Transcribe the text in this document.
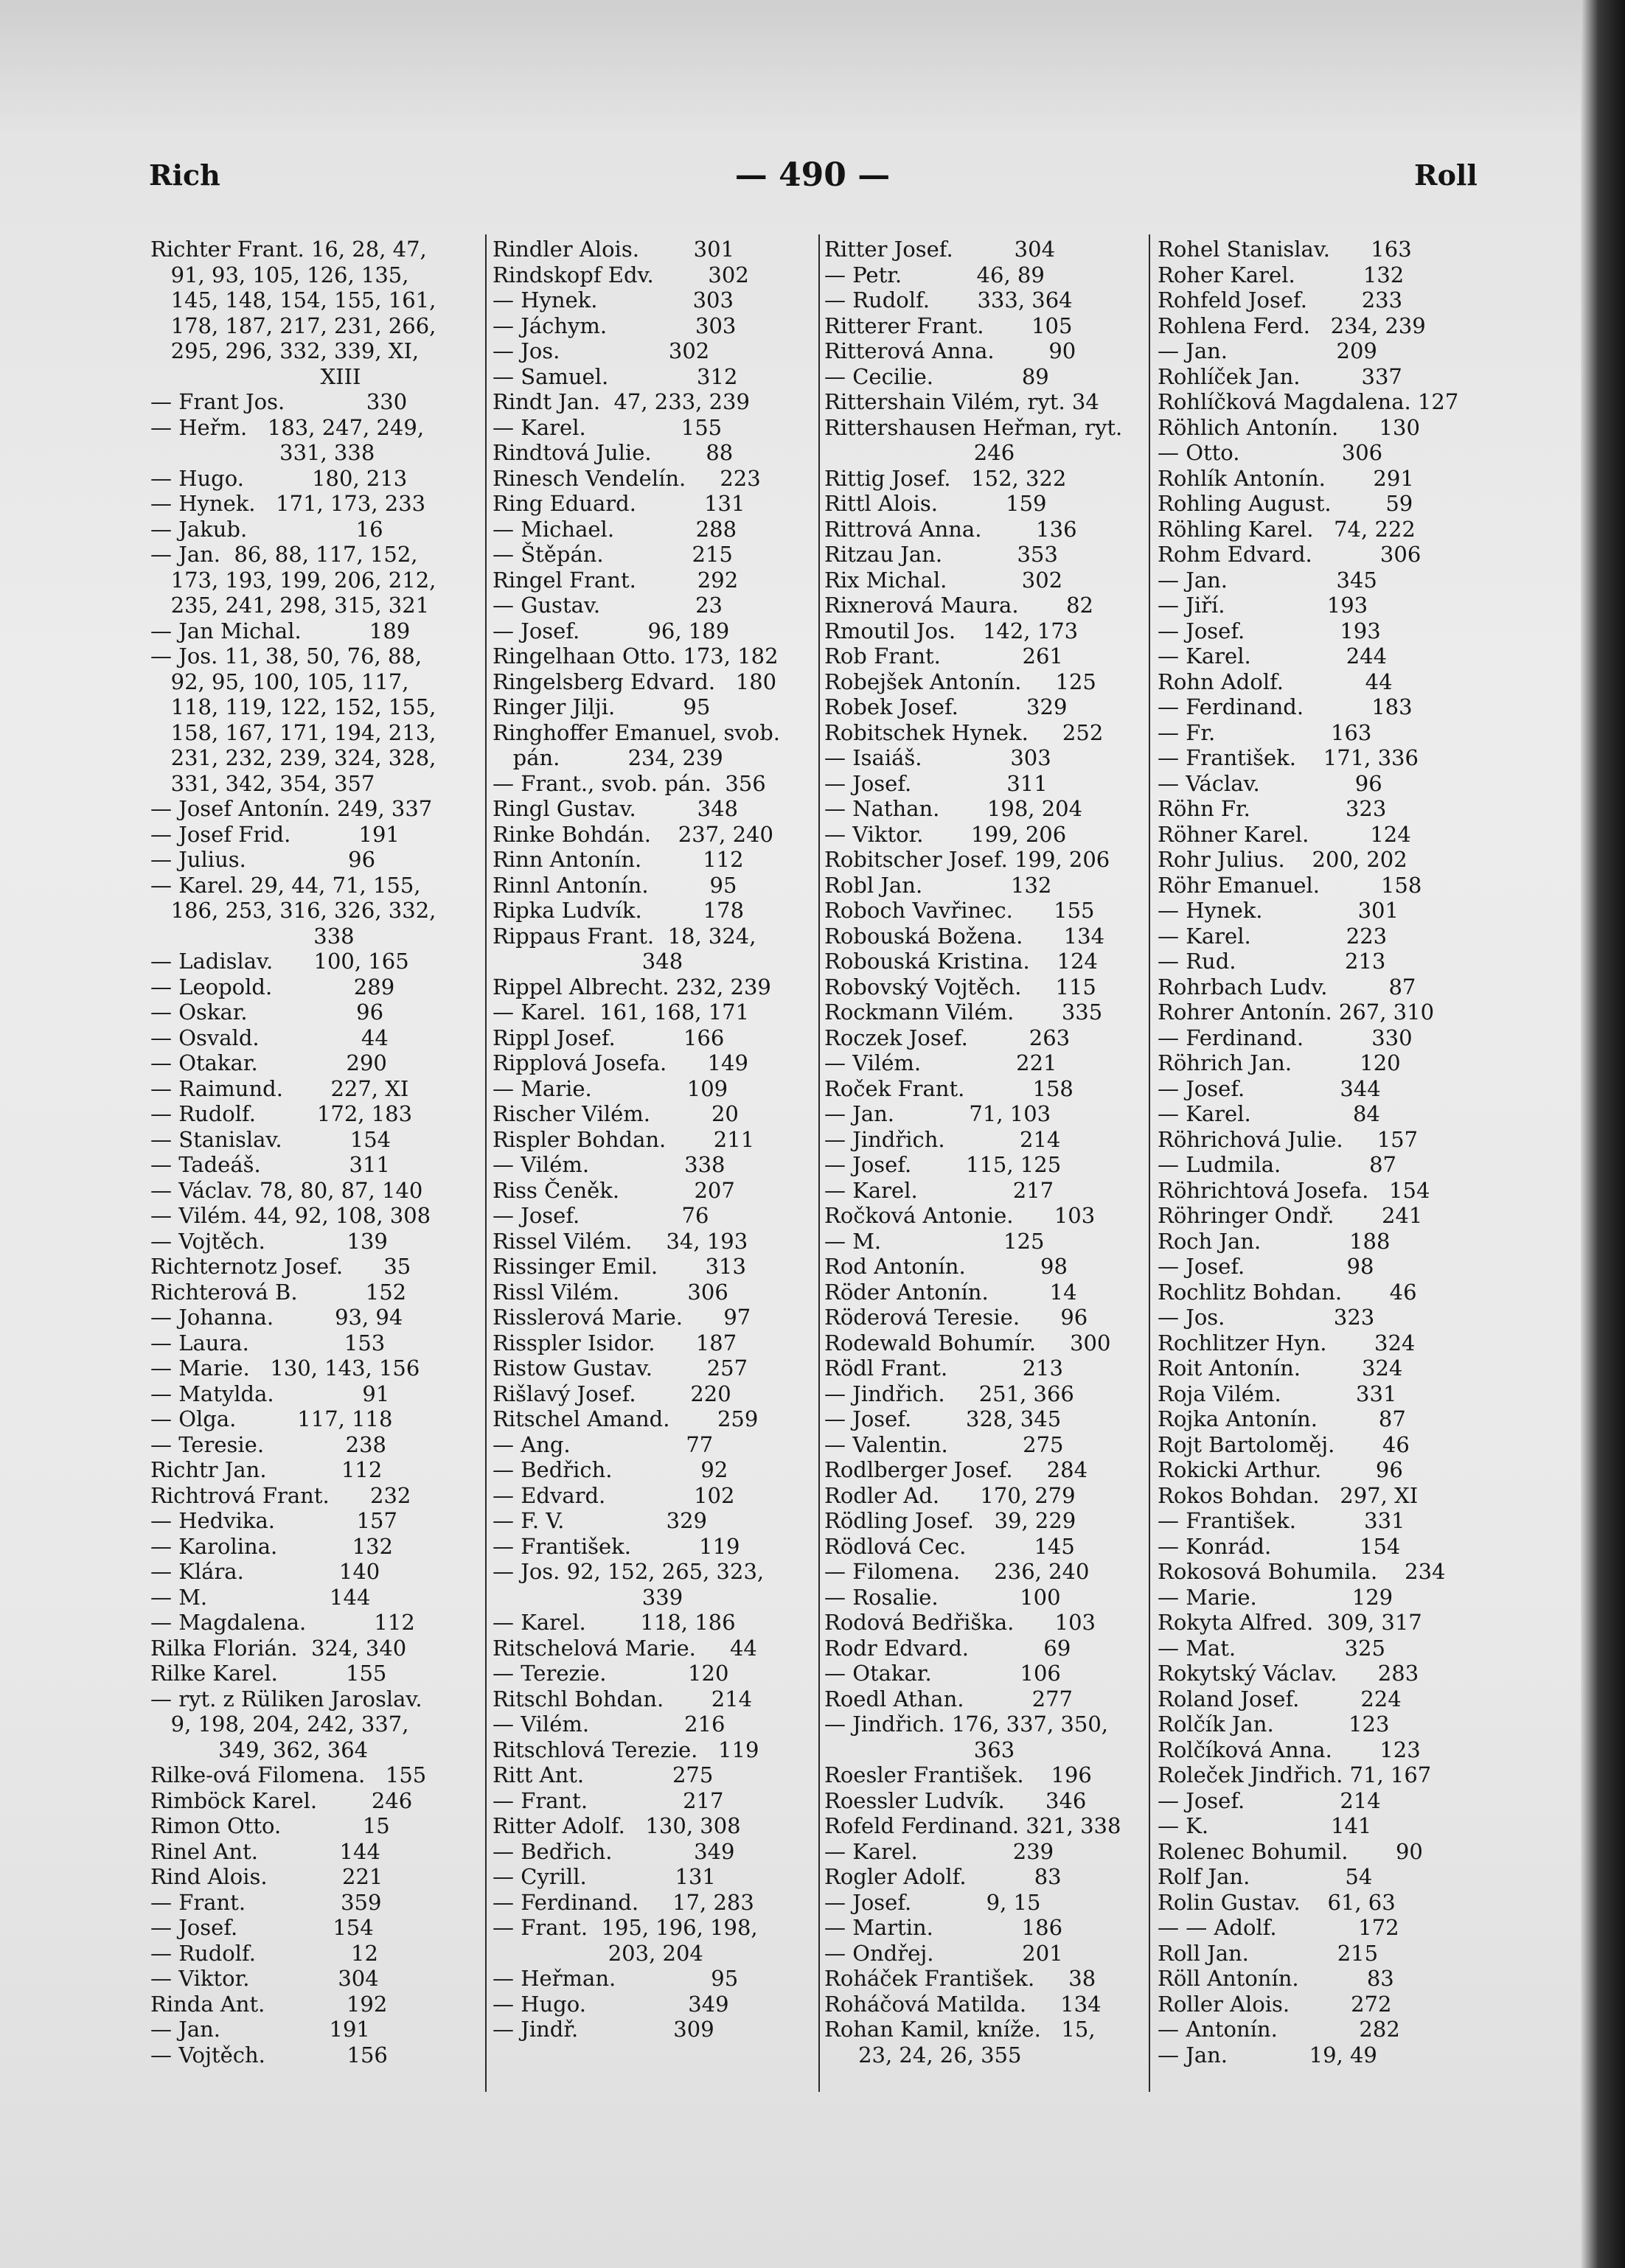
Rich	— 490 —	Roll
Richter Frant. 16, 28, 47,
91, 93, 105, 126, 135,
145, 148, 154, 155, 161,
178, 187, 217, 231, 266,
295, 296, 332, 339, XI,
XIII
— Frant Jos.            330
— Heřm.   183, 247, 249,
331, 338
— Hugo.          180, 213
— Hynek.   171, 173, 233
— Jakub.                16
— Jan.  86, 88, 117, 152,
173, 193, 199, 206, 212,
235, 241, 298, 315, 321
— Jan Michal.          189
— Jos. 11, 38, 50, 76, 88,
92, 95, 100, 105, 117,
118, 119, 122, 152, 155,
158, 167, 171, 194, 213,
231, 232, 239, 324, 328,
331, 342, 354, 357
— Josef Antonín. 249, 337
— Josef Frid.          191
— Julius.               96
— Karel. 29, 44, 71, 155,
186, 253, 316, 326, 332,
338
— Ladislav.      100, 165
— Leopold.            289
— Oskar.                96
— Osvald.               44
— Otakar.             290
— Raimund.       227, XI
— Rudolf.         172, 183
— Stanislav.          154
— Tadeáš.             311
— Václav. 78, 80, 87, 140
— Vilém. 44, 92, 108, 308
— Vojtěch.            139
Richternotz Josef.      35
Richterová B.          152
— Johanna.         93, 94
— Laura.              153
— Marie.   130, 143, 156
— Matylda.             91
— Olga.         117, 118
— Teresie.            238
Richtr Jan.           112
Richtrová Frant.      232
— Hedvika.            157
— Karolina.           132
— Klára.              140
— M.                  144
— Magdalena.          112
Rilka Florián.  324, 340
Rilke Karel.          155
— ryt. z Rüliken Jaroslav.
9, 198, 204, 242, 337,
349, 362, 364
Rilke-ová Filomena.   155
Rimböck Karel.        246
Rimon Otto.            15
Rinel Ant.            144
Rind Alois.           221
— Frant.              359
— Josef.              154
— Rudolf.              12
— Viktor.             304
Rinda Ant.            192
— Jan.                191
— Vojtěch.            156
Rindler Alois.        301
Rindskopf Edv.        302
— Hynek.              303
— Jáchym.             303
— Jos.                302
— Samuel.             312
Rindt Jan.  47, 233, 239
— Karel.              155
Rindtová Julie.        88
Rinesch Vendelín.     223
Ring Eduard.          131
— Michael.            288
— Štěpán.             215
Ringel Frant.         292
— Gustav.              23
— Josef.          96, 189
Ringelhaan Otto. 173, 182
Ringelsberg Edvard.   180
Ringer Jilji.          95
Ringhoffer Emanuel, svob.
pán.          234, 239
— Frant., svob. pán.  356
Ringl Gustav.         348
Rinke Bohdán.    237, 240
Rinn Antonín.         112
Rinnl Antonín.         95
Ripka Ludvík.         178
Rippaus Frant.  18, 324,
348
Rippel Albrecht. 232, 239
— Karel.  161, 168, 171
Rippl Josef.          166
Ripplová Josefa.      149
— Marie.              109
Rischer Vilém.         20
Rispler Bohdan.       211
— Vilém.              338
Riss Čeněk.           207
— Josef.               76
Rissel Vilém.     34, 193
Rissinger Emil.       313
Rissl Vilém.          306
Risslerová Marie.      97
Risspler Isidor.      187
Ristow Gustav.        257
Rišlavý Josef.        220
Ritschel Amand.       259
— Ang.                 77
— Bedřich.             92
— Edvard.             102
— F. V.               329
— František.          119
— Jos. 92, 152, 265, 323,
339
— Karel.        118, 186
Ritschelová Marie.     44
— Terezie.            120
Ritschl Bohdan.       214
— Vilém.              216
Ritschlová Terezie.   119
Ritt Ant.             275
— Frant.              217
Ritter Adolf.   130, 308
— Bedřich.            349
— Cyrill.             131
— Ferdinand.     17, 283
— Frant.  195, 196, 198,
203, 204
— Heřman.              95
— Hugo.               349
— Jindř.              309
Ritter Josef.         304
— Petr.           46, 89
— Rudolf.       333, 364
Ritterer Frant.       105
Ritterová Anna.        90
— Cecilie.             89
Rittershain Vilém, ryt. 34
Rittershausen Heřman, ryt.
246
Rittig Josef.   152, 322
Rittl Alois.          159
Rittrová Anna.        136
Ritzau Jan.           353
Rix Michal.           302
Rixnerová Maura.       82
Rmoutil Jos.    142, 173
Rob Frant.            261
Robejšek Antonín.     125
Robek Josef.          329
Robitschek Hynek.     252
— Isaiáš.             303
— Josef.              311
— Nathan.       198, 204
— Viktor.       199, 206
Robitscher Josef. 199, 206
Robl Jan.             132
Roboch Vavřinec.      155
Robouská Božena.      134
Robouská Kristina.    124
Robovský Vojtěch.     115
Rockmann Vilém.       335
Roczek Josef.         263
— Vilém.              221
Roček Frant.          158
— Jan.           71, 103
— Jindřich.           214
— Josef.        115, 125
— Karel.              217
Ročková Antonie.      103
— M.                  125
Rod Antonín.           98
Röder Antonín.         14
Röderová Teresie.      96
Rodewald Bohumír.     300
Rödl Frant.           213
— Jindřich.     251, 366
— Josef.        328, 345
— Valentin.           275
Rodlberger Josef.     284
Rodler Ad.      170, 279
Rödling Josef.   39, 229
Rödlová Cec.          145
— Filomena.     236, 240
— Rosalie.            100
Rodová Bedřiška.      103
Rodr Edvard.           69
— Otakar.             106
Roedl Athan.          277
— Jindřich. 176, 337, 350,
363
Roesler František.    196
Roessler Ludvík.      346
Rofeld Ferdinand. 321, 338
— Karel.              239
Rogler Adolf.          83
— Josef.           9, 15
— Martin.             186
— Ondřej.             201
Roháček František.     38
Roháčová Matilda.     134
Rohan Kamil, kníže.   15,
23, 24, 26, 355
Rohel Stanislav.      163
Roher Karel.          132
Rohfeld Josef.        233
Rohlena Ferd.   234, 239
— Jan.                209
Rohlíček Jan.         337
Rohlíčková Magdalena. 127
Röhlich Antonín.      130
— Otto.               306
Rohlík Antonín.       291
Rohling August.        59
Röhling Karel.   74, 222
Rohm Edvard.          306
— Jan.                345
— Jiří.               193
— Josef.              193
— Karel.              244
Rohn Adolf.            44
— Ferdinand.          183
— Fr.                 163
— František.    171, 336
— Václav.              96
Röhn Fr.              323
Röhner Karel.         124
Rohr Julius.    200, 202
Röhr Emanuel.         158
— Hynek.              301
— Karel.              223
— Rud.                213
Rohrbach Ludv.         87
Rohrer Antonín. 267, 310
— Ferdinand.          330
Röhrich Jan.          120
— Josef.              344
— Karel.               84
Röhrichová Julie.     157
— Ludmila.             87
Röhrichtová Josefa.   154
Röhringer Ondř.       241
Roch Jan.             188
— Josef.               98
Rochlitz Bohdan.       46
— Jos.                323
Rochlitzer Hyn.       324
Roit Antonín.         324
Roja Vilém.           331
Rojka Antonín.         87
Rojt Bartoloměj.       46
Rokicki Arthur.        96
Rokos Bohdan.   297, XI
— František.          331
— Konrád.             154
Rokosová Bohumila.    234
— Marie.              129
Rokyta Alfred.  309, 317
— Mat.                325
Rokytský Václav.      283
Roland Josef.         224
Rolčík Jan.           123
Rolčíková Anna.       123
Roleček Jindřich. 71, 167
— Josef.              214
— K.                  141
Rolenec Bohumil.       90
Rolf Jan.              54
Rolin Gustav.    61, 63
— — Adolf.            172
Roll Jan.             215
Röll Antonín.          83
Roller Alois.         272
— Antonín.            282
— Jan.            19, 49
